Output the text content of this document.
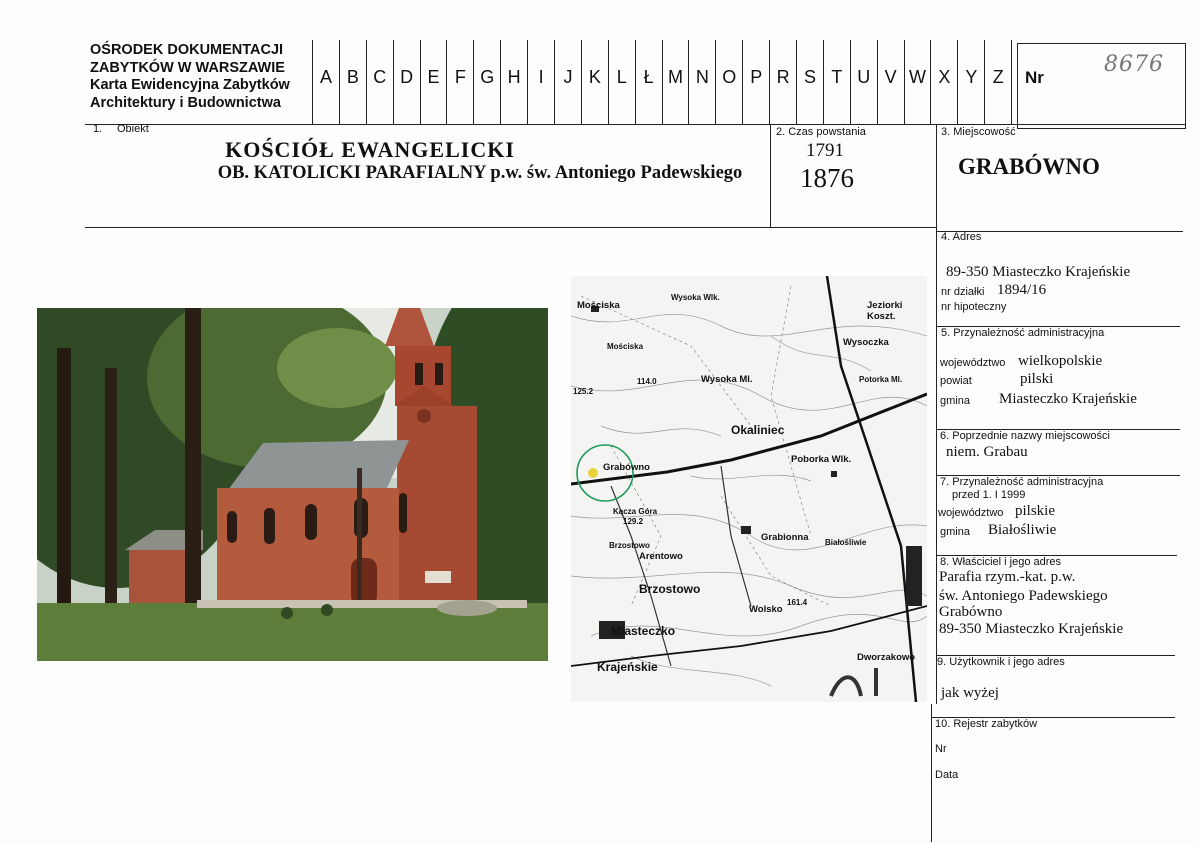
OŚRODEK DOKUMENTACJI
ZABYTKÓW W WARSZAWIE
Karta Ewidencyjna Zabytków
Architektury i Budownictwa
A B C D E F G H I	J K L Ł M N O P R S T U V W X Y Z	Nr
8676
1. Obiekt
KOŚCIÓŁ EWANGELICKI
OB. KATOLICKI PARAFIALNY p.w. św. Antoniego Padewskiego
2. Czas powstania
1791
1876
3. Miejscowość
GRABÓWNO
4. Adres
89-350 Miasteczko Krajeńskie
nr działki 1894/16
nr hipoteczny
5. Przynależność administracyjna
województwo wielkopolskie
powiat	pilski
gmina Miasteczko Krajeńskie
6. Poprzednie nazwy miejscowości
niem. Grabau
7. Przynależność administracyjna
przed 1. I 1999
województwo pilskie
gmina Białośliwie
8. Właściciel i jego adres
Parafia rzym.-kat. p.w.
św. Antoniego Padewskiego
Grabówno
89-350 Miasteczko Krajeńskie
9. Użytkownik i jego adres
jak wyżej
10. Rejestr zabytków
Nr
Data
Mościska
Wysoka Wlk.
Jeziorki Koszt.
Mościska	Wysoczka
Wysoka Ml.	Potorka Ml.
Okaliniec
Grabówno
Poborka Wlk.
Kącza Góra
Grabionna
Brzostowo
Arentowo
Brzostowo
Białośliwie
Miasteczko
Wolsko
Krajeńskie
Dworzakowo
114.0
125.2
129.2
161.4
